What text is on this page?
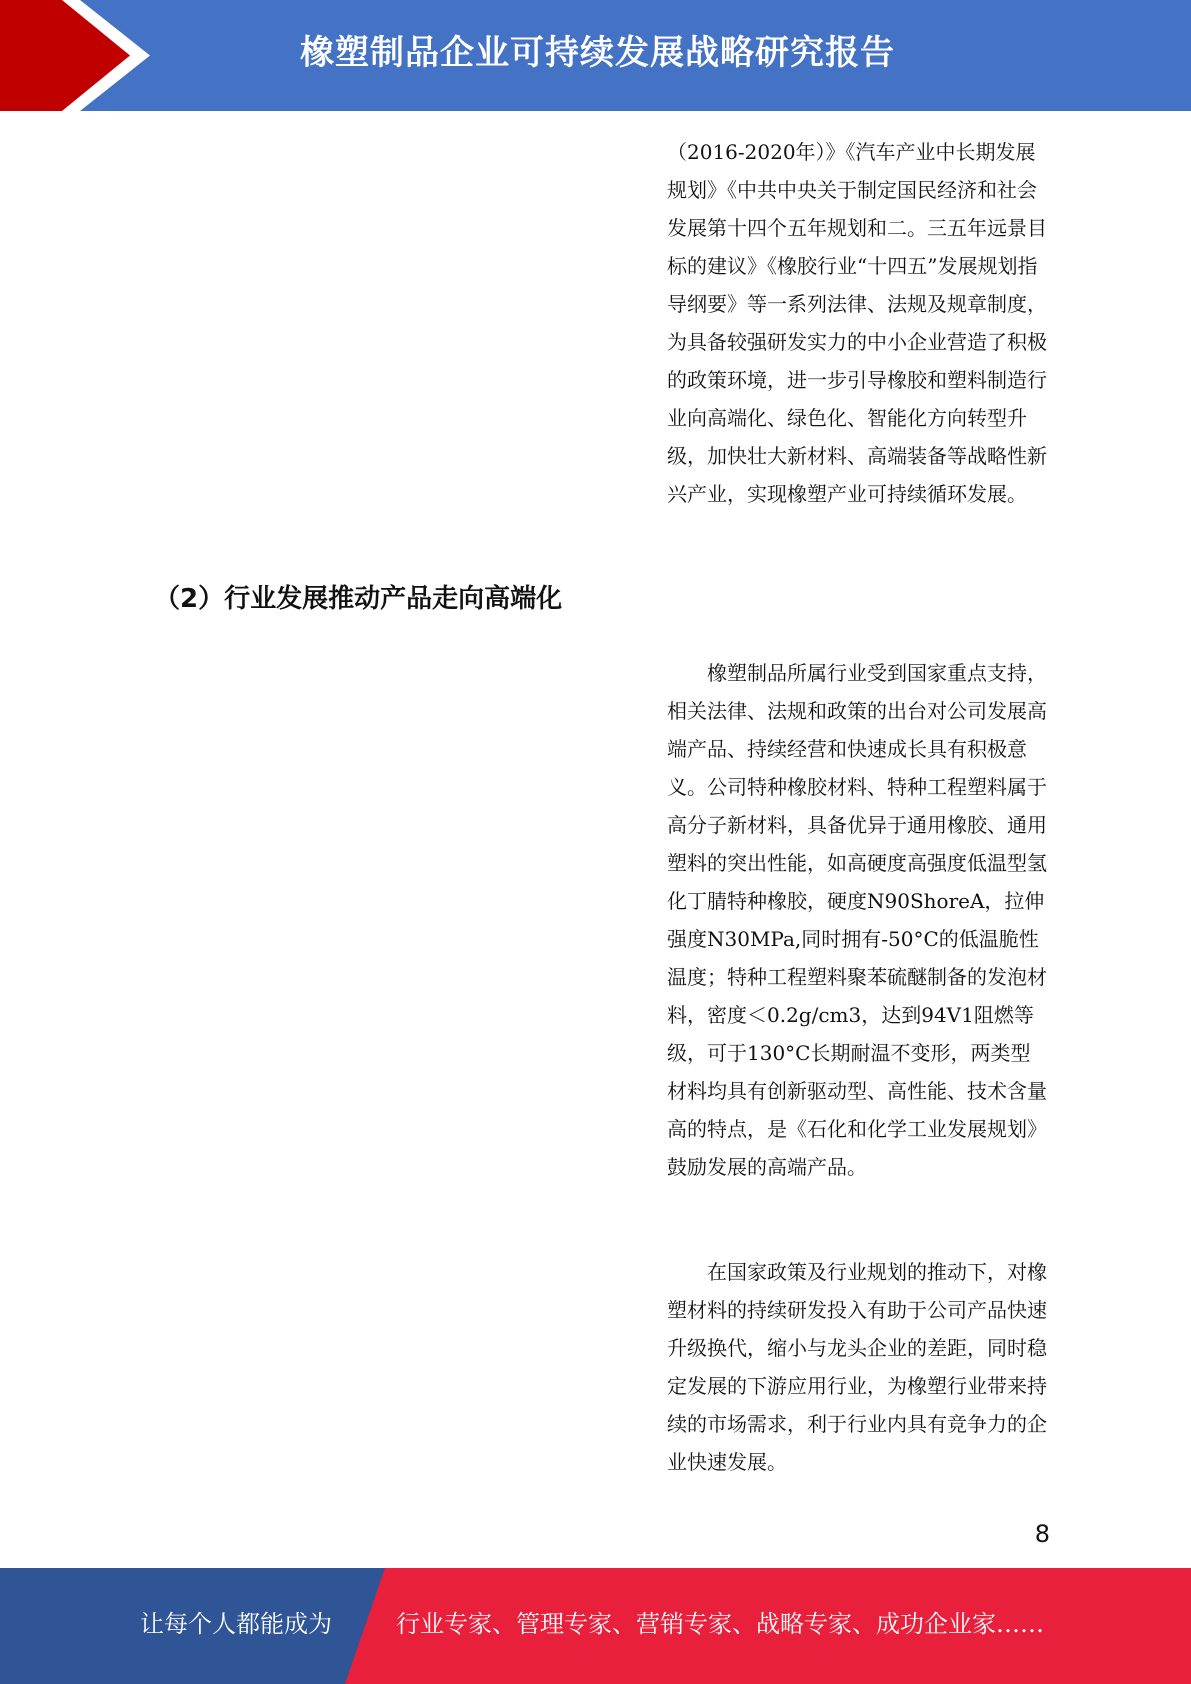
橡塑制品企业可持续发展战略研究报告

（2016-2020年）》《汽车产业中长期发展规划》《中共中央关于制定国民经济和社会发展第十四个五年规划和二。三五年远景目标的建议》《橡胶行业“十四五”发展规划指导纲要》等一系列法律、法规及规章制度，为具备较强研发实力的中小企业营造了积极的政策环境，进一步引导橡胶和塑料制造行业向高端化、绿色化、智能化方向转型升级，加快壮大新材料、高端装备等战略性新兴产业，实现橡塑产业可持续循环发展。

（2）行业发展推动产品走向高端化

橡塑制品所属行业受到国家重点支持，相关法律、法规和政策的出台对公司发展高端产品、持续经营和快速成长具有积极意义。公司特种橡胶材料、特种工程塑料属于高分子新材料，具备优异于通用橡胶、通用塑料的突出性能，如高硬度高强度低温型氢化丁腈特种橡胶，硬度N90ShoreA，拉伸强度N30MPa,同时拥有-50°C的低温脆性温度；特种工程塑料聚苯硫醚制备的发泡材料，密度＜0.2g/cm3，达到94V1阻燃等级，可于130°C长期耐温不变形，两类型材料均具有创新驱动型、高性能、技术含量高的特点，是《石化和化学工业发展规划》鼓励发展的高端产品。

在国家政策及行业规划的推动下，对橡塑材料的持续研发投入有助于公司产品快速升级换代，缩小与龙头企业的差距，同时稳定发展的下游应用行业，为橡塑行业带来持续的市场需求，利于行业内具有竞争力的企业快速发展。

8
让每个人都能成为	行业专家、管理专家、营销专家、战略专家、成功企业家……
